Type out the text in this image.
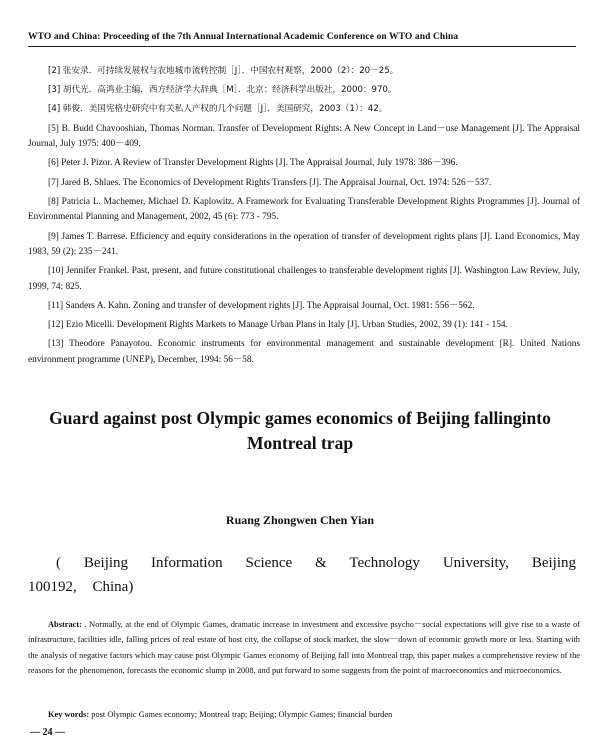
WTO and China: Proceeding of the 7th Annual International Academic Conference on WTO and China

[2] 张安录．可持续发展权与农地城市流转控制［J］．中国农村观察，2000（2）：20－25。

[3] 胡代光．高鸿业主编．西方经济学大辞典［M］．北京：经济科学出版社，2000：970。

[4] 韩俊．美国宪格史研究中有关私人产权的几个问题［J］．美国研究，2003（1）：42。

[5] B. Budd Chavooshian, Thomas Norman. Transfer of Development Rights: A New Concept in Land－use Management [J]. The Appraisal Journal, July 1975: 400－409.

[6] Peter J. Pizor. A Review of Transfer Development Rights [J]. The Appraisal Journal, July 1978: 386－396.

[7] Jared B. Shlaes. The Economics of Development Rights Transfers [J]. The Appraisal Journal, Oct. 1974: 526－537.

[8] Patricia L. Machemer, Michael D. Kaplowitz. A Framework for Evaluating Transferable Development Rights Programmes [J]. Journal of Environmental Planning and Management, 2002, 45 (6): 773 - 795.

[9] James T. Barrese. Efficiency and equity considerations in the operation of transfer of development rights plans [J]. Land Economics, May 1983, 59 (2): 235－241.

[10] Jennifer Frankel. Past, present, and future constitutional challenges to transferable development rights [J]. Washington Law Review, July, 1999, 74: 825.

[11] Sanders A. Kahn. Zoning and transfer of development rights [J]. The Appraisal Journal, Oct. 1981: 556－562.

[12] Ezio Micelli. Development Rights Markets to Manage Urban Plans in Italy [J]. Urban Studies, 2002, 39 (1): 141 - 154.

[13] Theodore Panayotou. Economic instruments for environmental management and sustainable development [R]. United Nations environment programme (UNEP), December, 1994: 56－58.

Guard against post Olympic games economics of Beijing fallinginto Montreal trap
Ruang Zhongwen Chen Yian
( Beijing Information Science & Technology University, Beijing 100192, China)

Abstract: . Normally, at the end of Olympic Games, dramatic increase in investment and excessive psycho－social expectations will give rise to a waste of infrastructure, facilities idle, falling prices of real estate of host city, the collapse of stock market, the slow－down of economic growth more or less. Starting with the analysis of negative factors which may cause post Olympic Games economy of Beijing fall into Montreal trap, this paper makes a comprehensive review of the reasons for the phenomenon, forecasts the economic slump in 2008, and put forward to some suggests from the point of macroeconomics and microeconomics.

Key words: post Olympic Games economy; Montreal trap; Beijing; Olympic Games; financial burden

— 24 —
